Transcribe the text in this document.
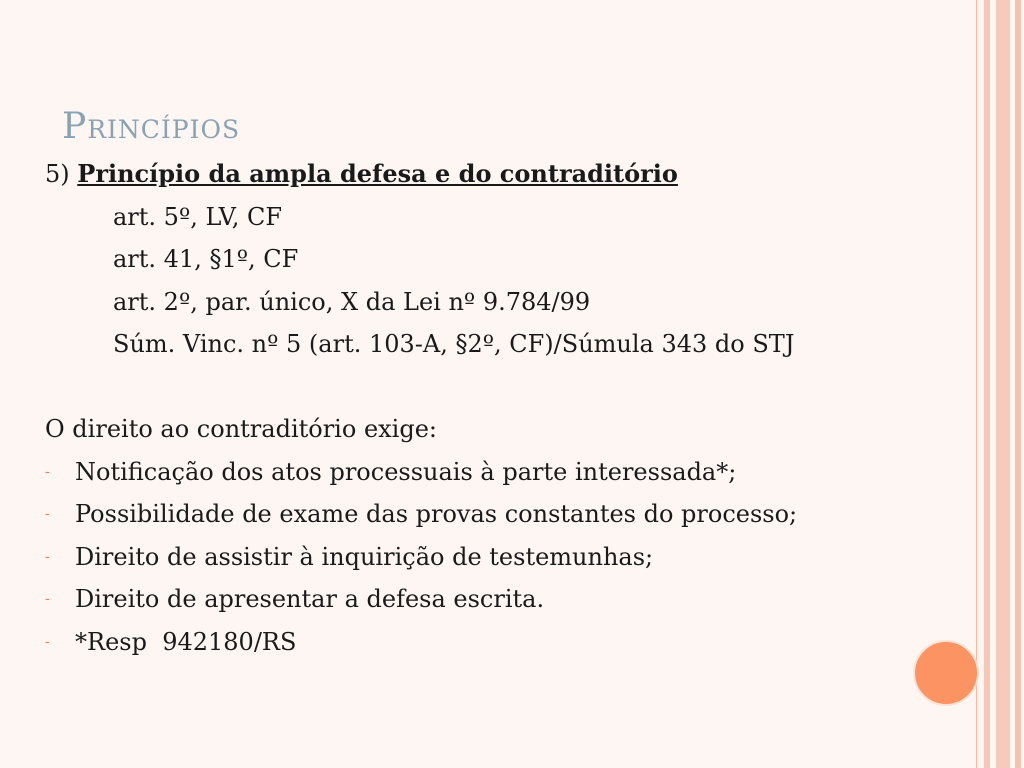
Princípios
5) Princípio da ampla defesa e do contraditório
art. 5º, LV, CF
art. 41, §1º, CF
art. 2º, par. único, X da Lei nº 9.784/99
Súm. Vinc. nº 5 (art. 103-A, §2º, CF)/Súmula 343 do STJ
O direito ao contraditório exige:
- Notificação dos atos processuais à parte interessada*;
- Possibilidade de exame das provas constantes do processo;
- Direito de assistir à inquirição de testemunhas;
- Direito de apresentar a defesa escrita.
- *Resp  942180/RS
